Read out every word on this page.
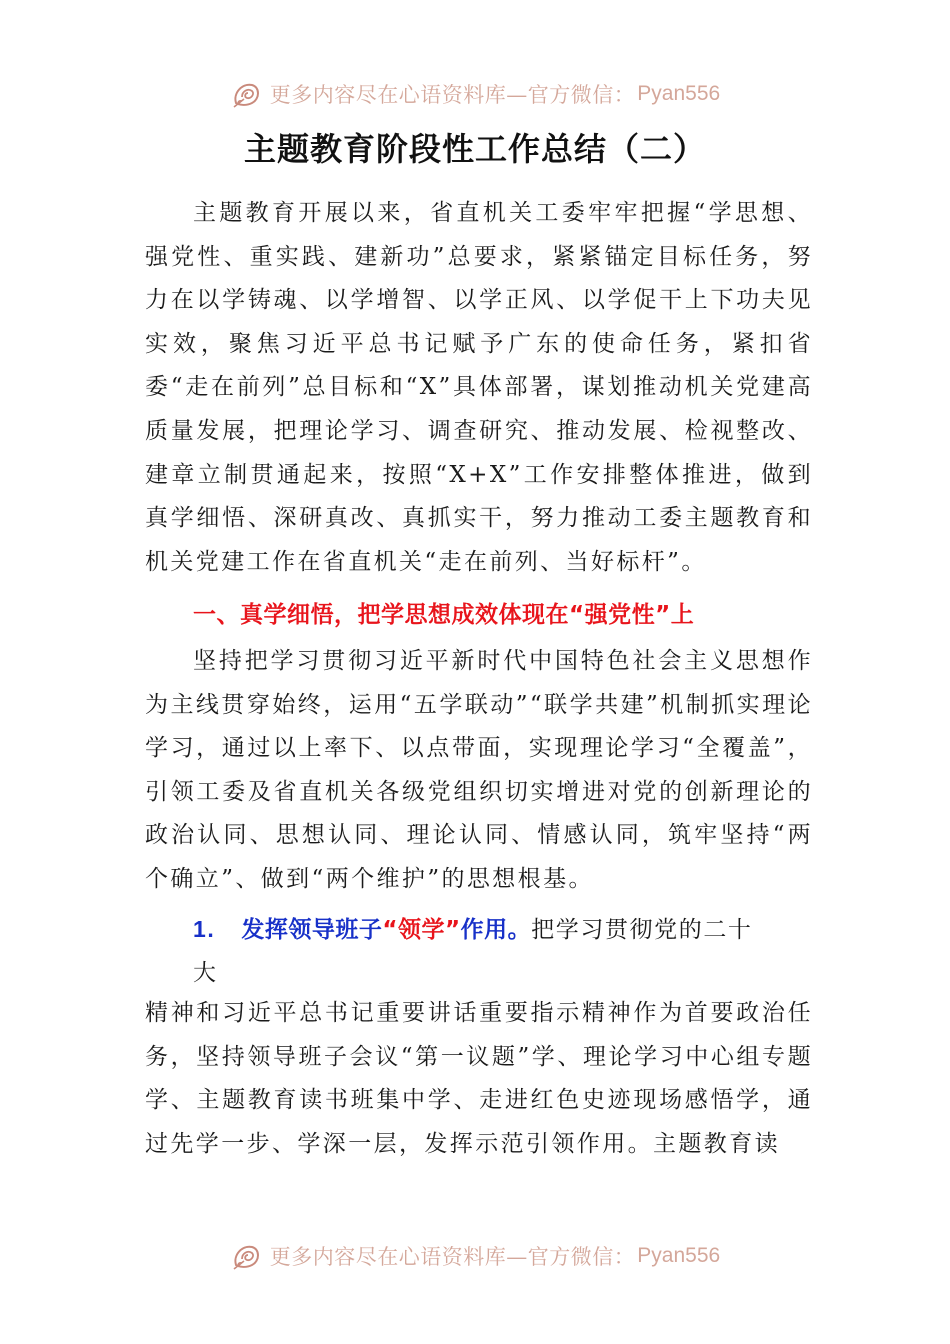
更多内容尽在心语资料库—官方微信： Pyan556
主题教育阶段性工作总结（二）
主题教育开展以来，省直机关工委牢牢把握“学思想、强党性、重实践、建新功”总要求，紧紧锚定目标任务，努力在以学铸魂、以学增智、以学正风、以学促干上下功夫见实效，聚焦习近平总书记赋予广东的使命任务，紧扣省委“走在前列”总目标和“X”具体部署，谋划推动机关党建高质量发展，把理论学习、调查研究、推动发展、检视整改、建章立制贯通起来，按照“X+X”工作安排整体推进，做到真学细悟、深研真改、真抓实干，努力推动工委主题教育和机关党建工作在省直机关“走在前列、当好标杆”。
一、真学细悟，把学思想成效体现在“强党性”上
坚持把学习贯彻习近平新时代中国特色社会主义思想作为主线贯穿始终，运用“五学联动”“联学共建”机制抓实理论学习，通过以上率下、以点带面，实现理论学习“全覆盖”，引领工委及省直机关各级党组织切实增进对党的创新理论的政治认同、思想认同、理论认同、情感认同，筑牢坚持“两个确立”、做到“两个维护”的思想根基。
1. 发挥领导班子“领学”作用。把学习贯彻党的二十
大
精神和习近平总书记重要讲话重要指示精神作为首要政治任务，坚持领导班子会议“第一议题”学、理论学习中心组专题学、主题教育读书班集中学、走进红色史迹现场感悟学，通过先学一步、学深一层，发挥示范引领作用。主题教育读
更多内容尽在心语资料库—官方微信： Pyan556
